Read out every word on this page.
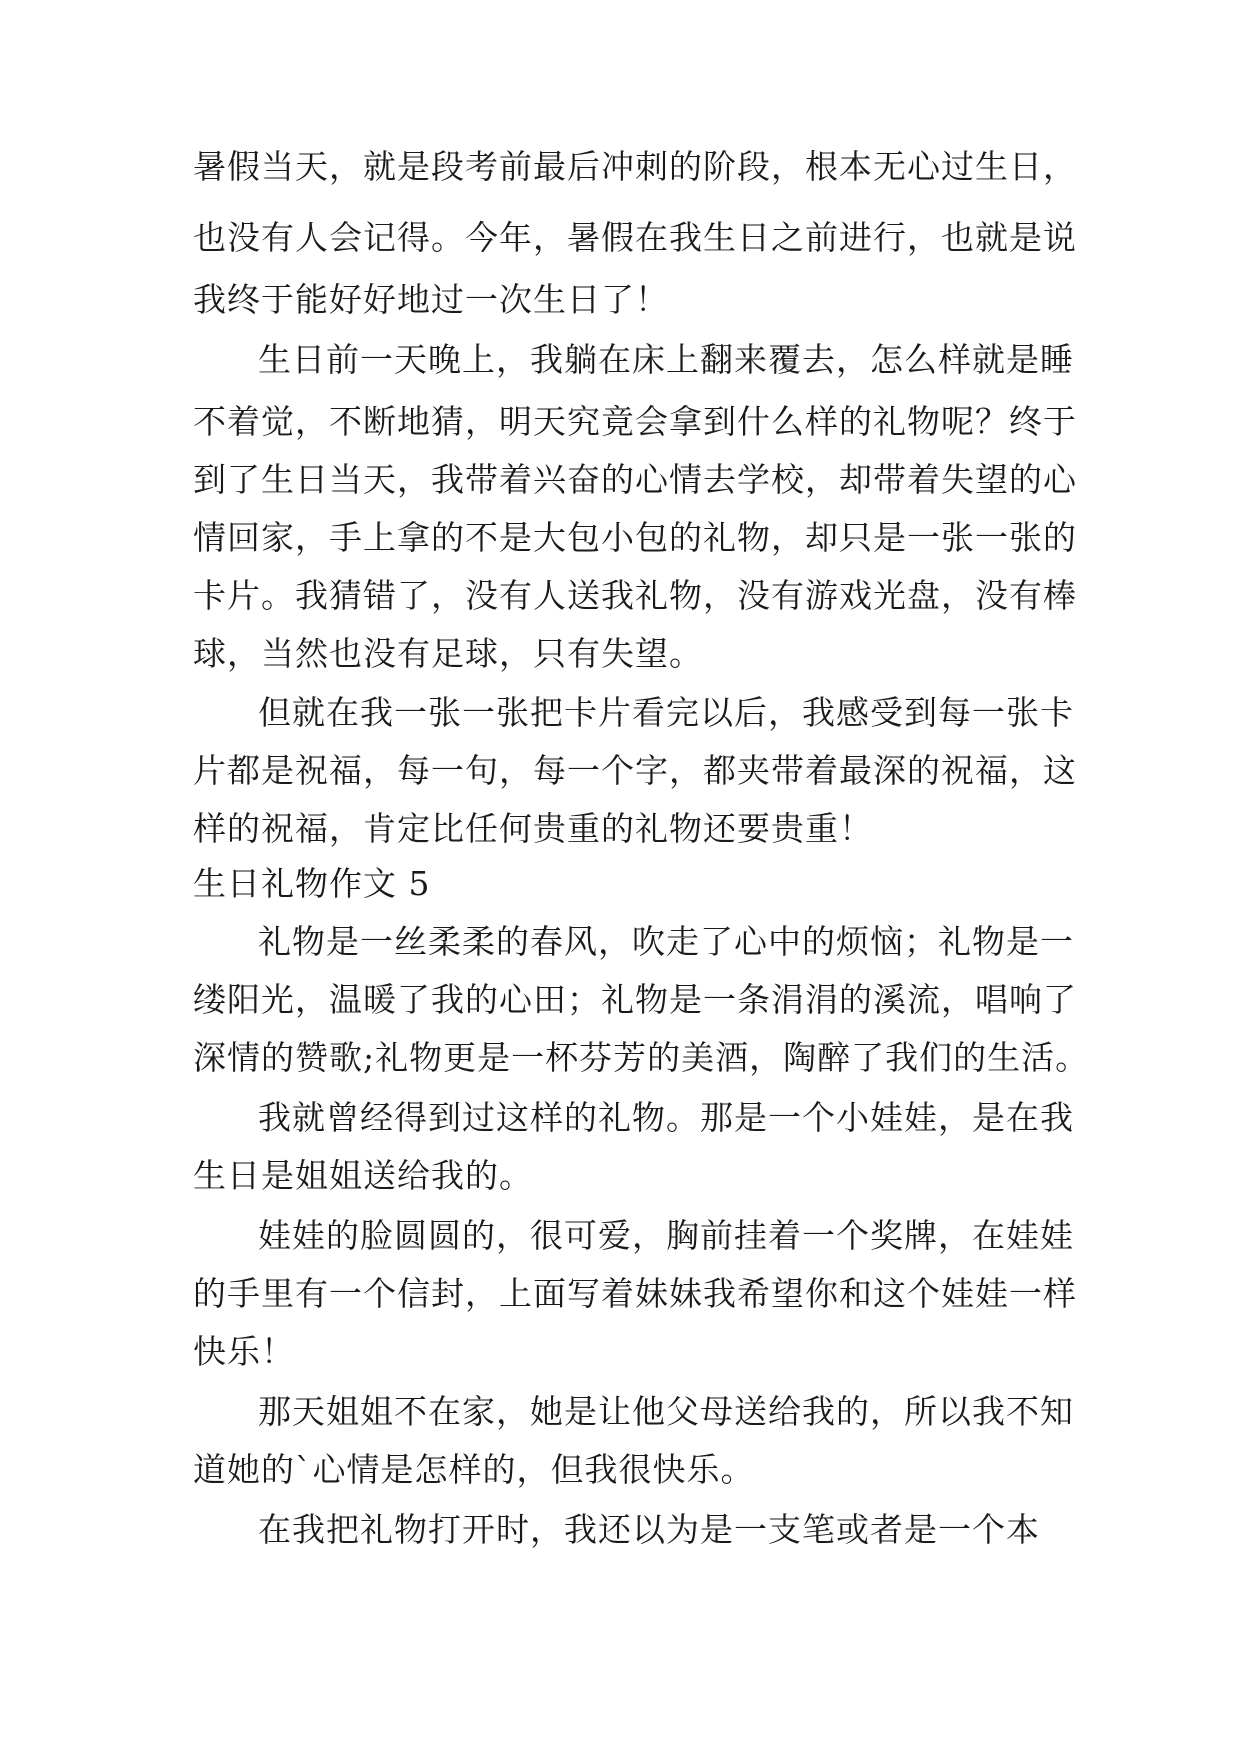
暑假当天，就是段考前最后冲刺的阶段，根本无心过生日，

也没有人会记得。今年，暑假在我生日之前进行，也就是说

我终于能好好地过一次生日了！

生日前一天晚上，我躺在床上翻来覆去，怎么样就是睡

不着觉，不断地猜，明天究竟会拿到什么样的礼物呢？终于

到了生日当天，我带着兴奋的心情去学校，却带着失望的心

情回家，手上拿的不是大包小包的礼物，却只是一张一张的

卡片。我猜错了，没有人送我礼物，没有游戏光盘，没有棒

球，当然也没有足球，只有失望。

但就在我一张一张把卡片看完以后，我感受到每一张卡

片都是祝福，每一句，每一个字，都夹带着最深的祝福，这

样的祝福，肯定比任何贵重的礼物还要贵重！

生日礼物作文 5

礼物是一丝柔柔的春风，吹走了心中的烦恼；礼物是一

缕阳光，温暖了我的心田；礼物是一条涓涓的溪流，唱响了

深情的赞歌;礼物更是一杯芬芳的美酒，陶醉了我们的生活。

我就曾经得到过这样的礼物。那是一个小娃娃，是在我

生日是姐姐送给我的。

娃娃的脸圆圆的，很可爱，胸前挂着一个奖牌，在娃娃

的手里有一个信封，上面写着妹妹我希望你和这个娃娃一样

快乐！

那天姐姐不在家，她是让他父母送给我的，所以我不知

道她的`心情是怎样的，但我很快乐。

在我把礼物打开时，我还以为是一支笔或者是一个本
